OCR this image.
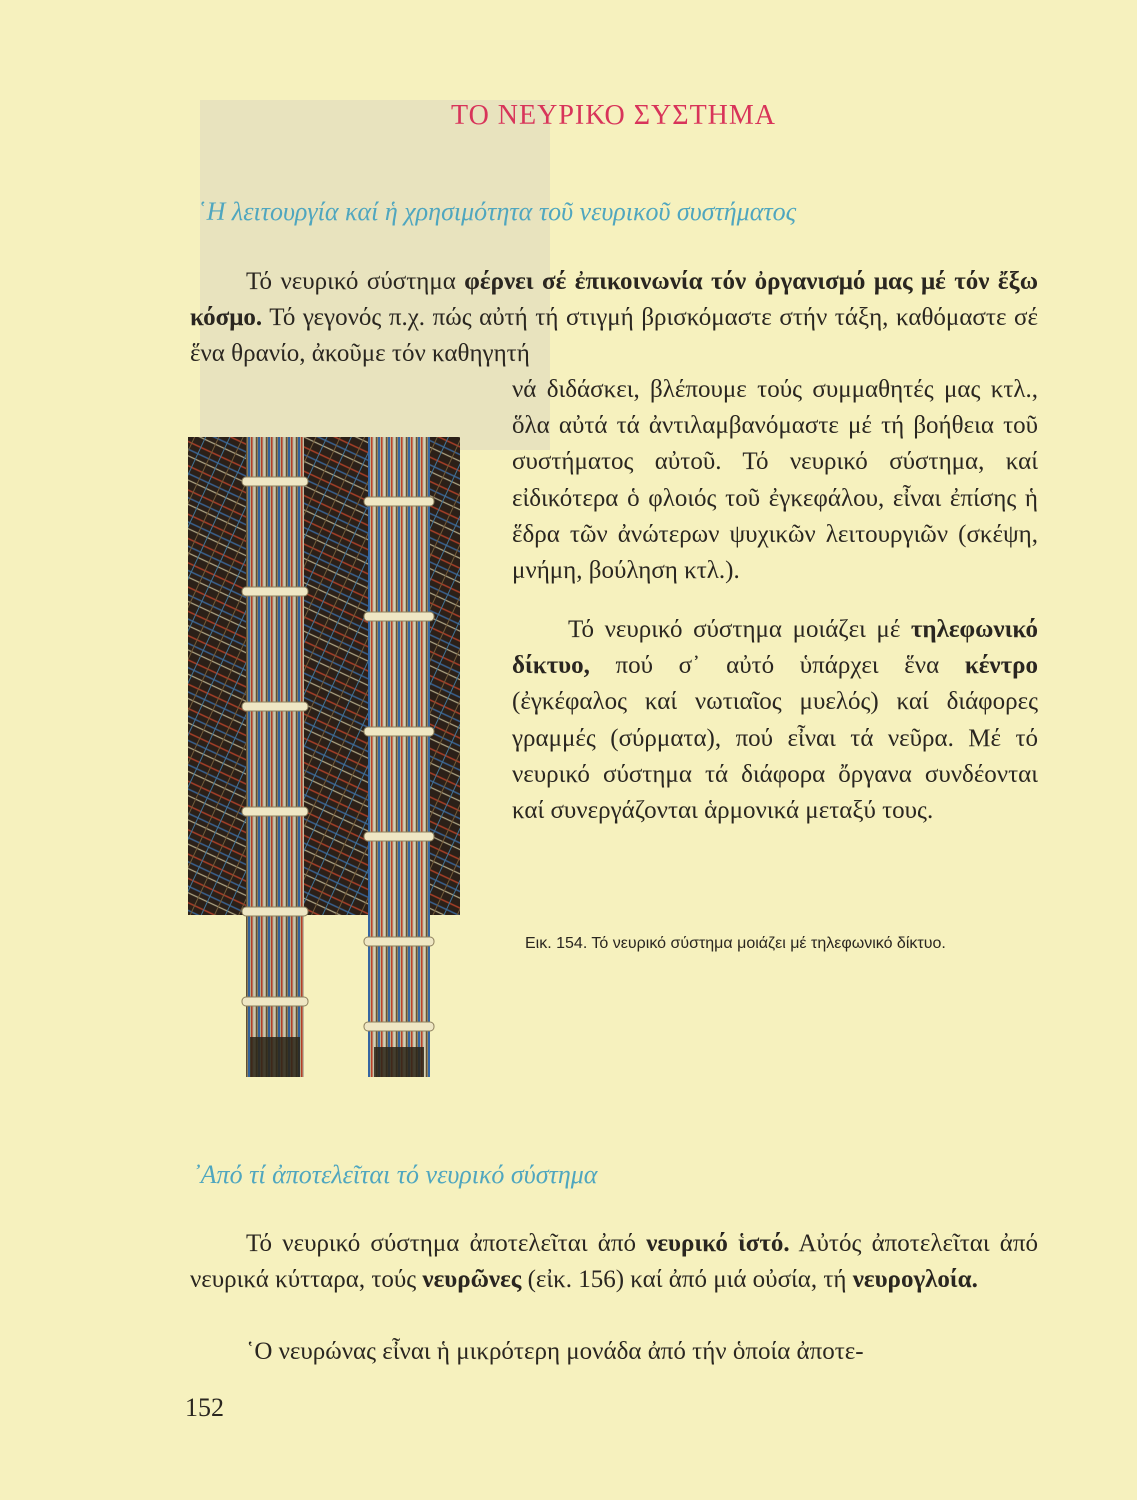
ΤΟ ΝΕΥΡΙΚΟ ΣΥΣΤΗΜΑ
῾Η λειτουργία καί ἡ χρησιμότητα τοῦ νευρικοῦ συστήματος
Τό νευρικό σύστημα φέρνει σέ ἐπικοινωνία τόν ὀργανισμό μας μέ τόν ἔξω κόσμο. Τό γεγονός π.χ. πώς αὐτή τή στιγμή βρισκόμαστε στήν τάξη, καθόμαστε σέ ἕνα θρανίο, ἀκοῦμε τόν καθηγητή
νά διδάσκει, βλέπουμε τούς συμμαθητές μας κτλ., ὅλα αὐτά τά ἀντιλαμβανόμαστε μέ τή βοήθεια τοῦ συστήματος αὐτοῦ. Τό νευρικό σύστημα, καί εἰδικότερα ὁ φλοιός τοῦ ἐγκεφάλου, εἶναι ἐπίσης ἡ ἕδρα τῶν ἀνώτερων ψυχικῶν λειτουργιῶν (σκέψη, μνήμη, βούληση κτλ.).
Τό νευρικό σύστημα μοιάζει μέ τηλεφωνικό δίκτυο, πού σ᾽ αὐτό ὑπάρχει ἕνα κέντρο (ἐγκέφαλος καί νωτιαῖος μυελός) καί διάφορες γραμμές (σύρματα), πού εἶναι τά νεῦρα. Μέ τό νευρικό σύστημα τά διάφορα ὄργανα συνδέονται καί συνεργάζονται ἁρμονικά μεταξύ τους.
Εικ. 154. Τό νευρικό σύστημα μοιάζει μέ τηλεφωνικό δίκτυο.
᾽Από τί ἀποτελεῖται τό νευρικό σύστημα
Τό νευρικό σύστημα ἀποτελεῖται ἀπό νευρικό ἱστό. Αὐτός ἀποτελεῖται ἀπό νευρικά κύτταρα, τούς νευρῶνες (εἰκ. 156) καί ἀπό μιά οὐσία, τή νευρογλοία.
῾Ο νευρώνας εἶναι ἡ μικρότερη μονάδα ἀπό τήν ὁποία ἀποτε-
152
